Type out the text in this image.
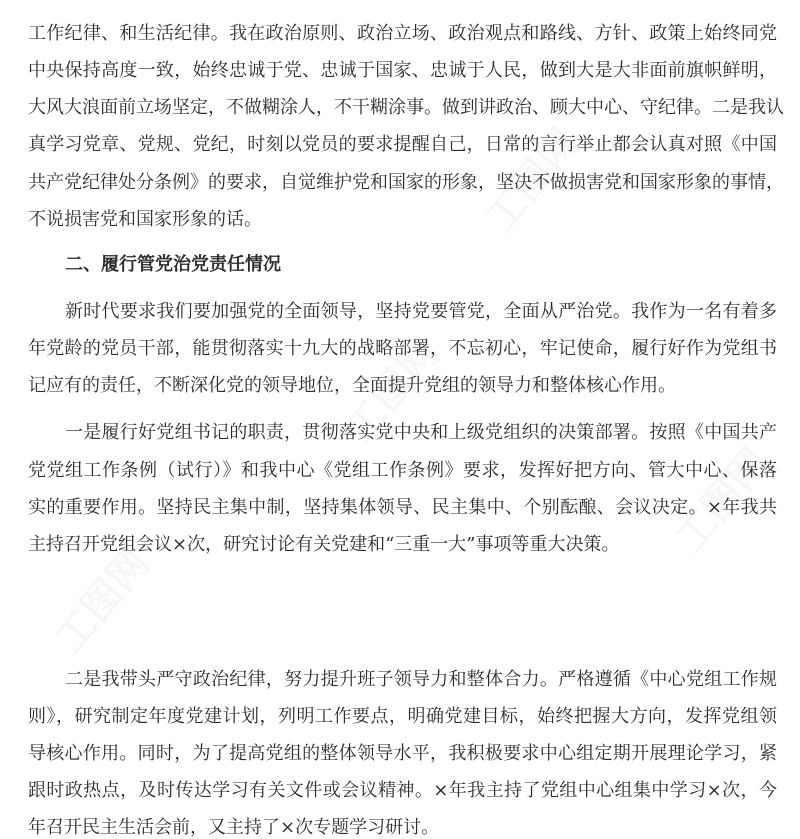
工作纪律、和生活纪律。我在政治原则、政治立场、政治观点和路线、方针、政策上始终同党
中央保持高度一致，始终忠诚于党、忠诚于国家、忠诚于人民，做到大是大非面前旗帜鲜明，
大风大浪面前立场坚定，不做糊涂人，不干糊涂事。做到讲政治、顾大中心、守纪律。二是我认
真学习党章、党规、党纪，时刻以党员的要求提醒自己，日常的言行举止都会认真对照《中国
共产党纪律处分条例》的要求，自觉维护党和国家的形象，坚决不做损害党和国家形象的事情，
不说损害党和国家形象的话。
二、履行管党治党责任情况
新时代要求我们要加强党的全面领导，坚持党要管党，全面从严治党。我作为一名有着多
年党龄的党员干部，能贯彻落实十九大的战略部署，不忘初心，牢记使命，履行好作为党组书
记应有的责任，不断深化党的领导地位，全面提升党组的领导力和整体核心作用。
一是履行好党组书记的职责，贯彻落实党中央和上级党组织的决策部署。按照《中国共产
党党组工作条例（试行）》和我中心《党组工作条例》要求，发挥好把方向、管大中心、保落
实的重要作用。坚持民主集中制，坚持集体领导、民主集中、个别酝酿、会议决定。×年我共
主持召开党组会议×次，研究讨论有关党建和“三重一大”事项等重大决策。
二是我带头严守政治纪律，努力提升班子领导力和整体合力。严格遵循《中心党组工作规
则》，研究制定年度党建计划，列明工作要点，明确党建目标，始终把握大方向，发挥党组领
导核心作用。同时，为了提高党组的整体领导水平，我积极要求中心组定期开展理论学习，紧
跟时政热点，及时传达学习有关文件或会议精神。×年我主持了党组中心组集中学习×次，今
年召开民主生活会前，又主持了×次专题学习研讨。
